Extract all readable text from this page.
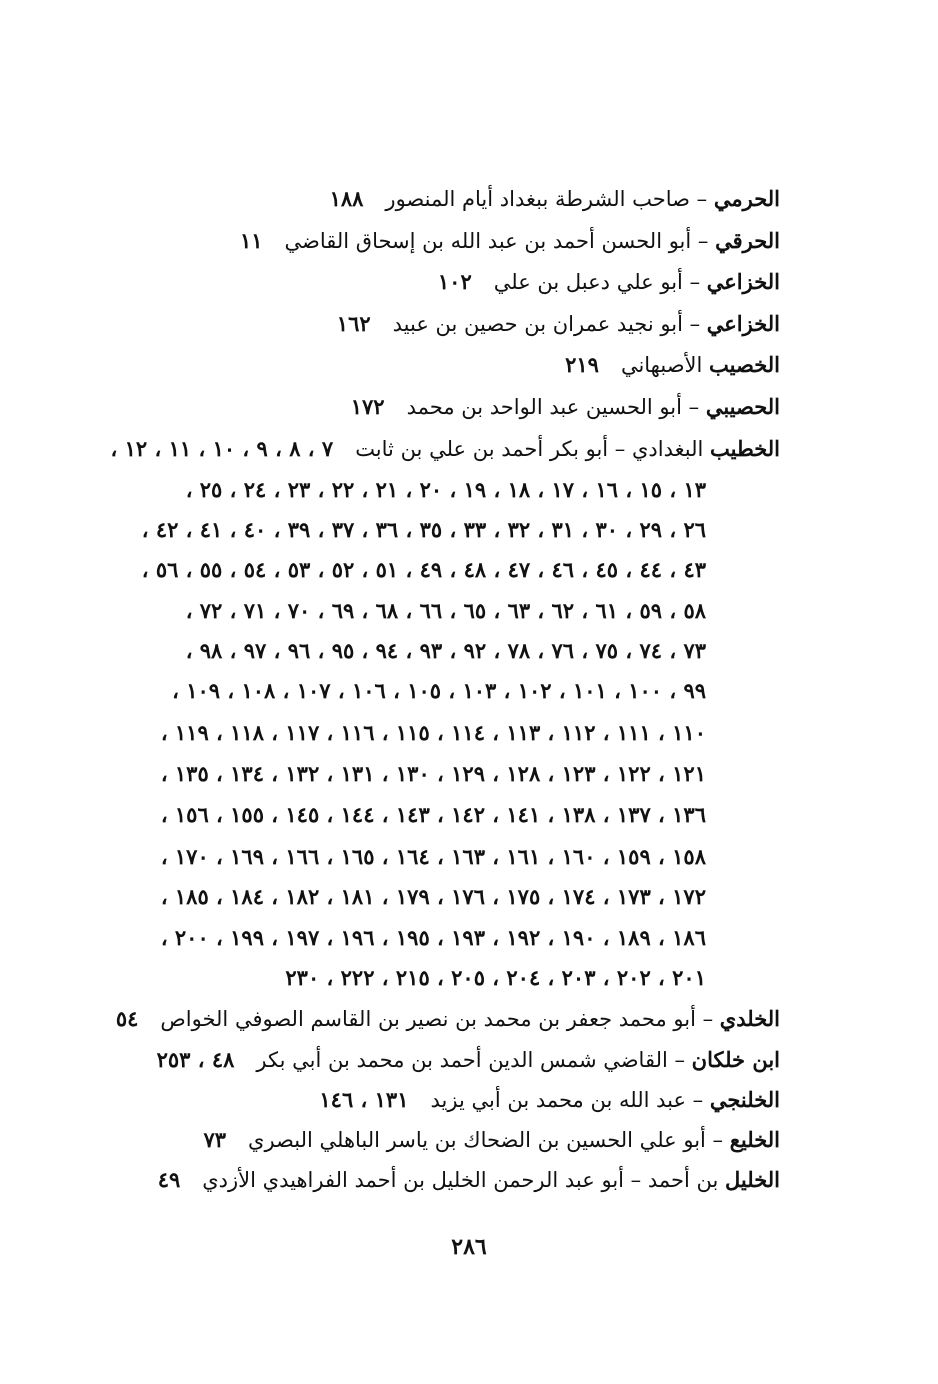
الحرمي – صاحب الشرطة ببغداد أيام المنصور١٨٨
الحرقي – أبو الحسن أحمد بن عبد الله بن إسحاق القاضي١١
الخزاعي – أبو علي دعبل بن علي١٠٢
الخزاعي – أبو نجيد عمران بن حصين بن عبيد١٦٢
الخصيب الأصبهاني٢١٩
الحصيبي – أبو الحسين عبد الواحد بن محمد١٧٢
الخطيب البغدادي – أبو بكر أحمد بن علي بن ثابت٧ ، ٨ ، ٩ ، ١٠ ، ١١ ، ١٢ ،
١٣ ، ١٥ ، ١٦ ، ١٧ ، ١٨ ، ١٩ ، ٢٠ ، ٢١ ، ٢٢ ، ٢٣ ، ٢٤ ، ٢٥ ،
٢٦ ، ٢٩ ، ٣٠ ، ٣١ ، ٣٢ ، ٣٣ ، ٣٥ ، ٣٦ ، ٣٧ ، ٣٩ ، ٤٠ ، ٤١ ، ٤٢ ،
٤٣ ، ٤٤ ، ٤٥ ، ٤٦ ، ٤٧ ، ٤٨ ، ٤٩ ، ٥١ ، ٥٢ ، ٥٣ ، ٥٤ ، ٥٥ ، ٥٦ ،
٥٨ ، ٥٩ ، ٦١ ، ٦٢ ، ٦٣ ، ٦٥ ، ٦٦ ، ٦٨ ، ٦٩ ، ٧٠ ، ٧١ ، ٧٢ ،
٧٣ ، ٧٤ ، ٧٥ ، ٧٦ ، ٧٨ ، ٩٢ ، ٩٣ ، ٩٤ ، ٩٥ ، ٩٦ ، ٩٧ ، ٩٨ ،
٩٩ ، ١٠٠ ، ١٠١ ، ١٠٢ ، ١٠٣ ، ١٠٥ ، ١٠٦ ، ١٠٧ ، ١٠٨ ، ١٠٩ ،
١١٠ ، ١١١ ، ١١٢ ، ١١٣ ، ١١٤ ، ١١٥ ، ١١٦ ، ١١٧ ، ١١٨ ، ١١٩ ،
١٢١ ، ١٢٢ ، ١٢٣ ، ١٢٨ ، ١٢٩ ، ١٣٠ ، ١٣١ ، ١٣٢ ، ١٣٤ ، ١٣٥ ،
١٣٦ ، ١٣٧ ، ١٣٨ ، ١٤١ ، ١٤٢ ، ١٤٣ ، ١٤٤ ، ١٤٥ ، ١٥٥ ، ١٥٦ ،
١٥٨ ، ١٥٩ ، ١٦٠ ، ١٦١ ، ١٦٣ ، ١٦٤ ، ١٦٥ ، ١٦٦ ، ١٦٩ ، ١٧٠ ،
١٧٢ ، ١٧٣ ، ١٧٤ ، ١٧٥ ، ١٧٦ ، ١٧٩ ، ١٨١ ، ١٨٢ ، ١٨٤ ، ١٨٥ ،
١٨٦ ، ١٨٩ ، ١٩٠ ، ١٩٢ ، ١٩٣ ، ١٩٥ ، ١٩٦ ، ١٩٧ ، ١٩٩ ، ٢٠٠ ،
٢٠١ ، ٢٠٢ ، ٢٠٣ ، ٢٠٤ ، ٢٠٥ ، ٢١٥ ، ٢٢٢ ، ٢٣٠
الخلدي – أبو محمد جعفر بن محمد بن نصير بن القاسم الصوفي الخواص٥٤
ابن خلكان – القاضي شمس الدين أحمد بن محمد بن أبي بكر٤٨ ، ٢٥٣
الخلنجي – عبد الله بن محمد بن أبي يزيد١٣١ ، ١٤٦
الخليع – أبو علي الحسين بن الضحاك بن ياسر الباهلي البصري٧٣
الخليل بن أحمد – أبو عبد الرحمن الخليل بن أحمد الفراهيدي الأزدي٤٩
٢٨٦
